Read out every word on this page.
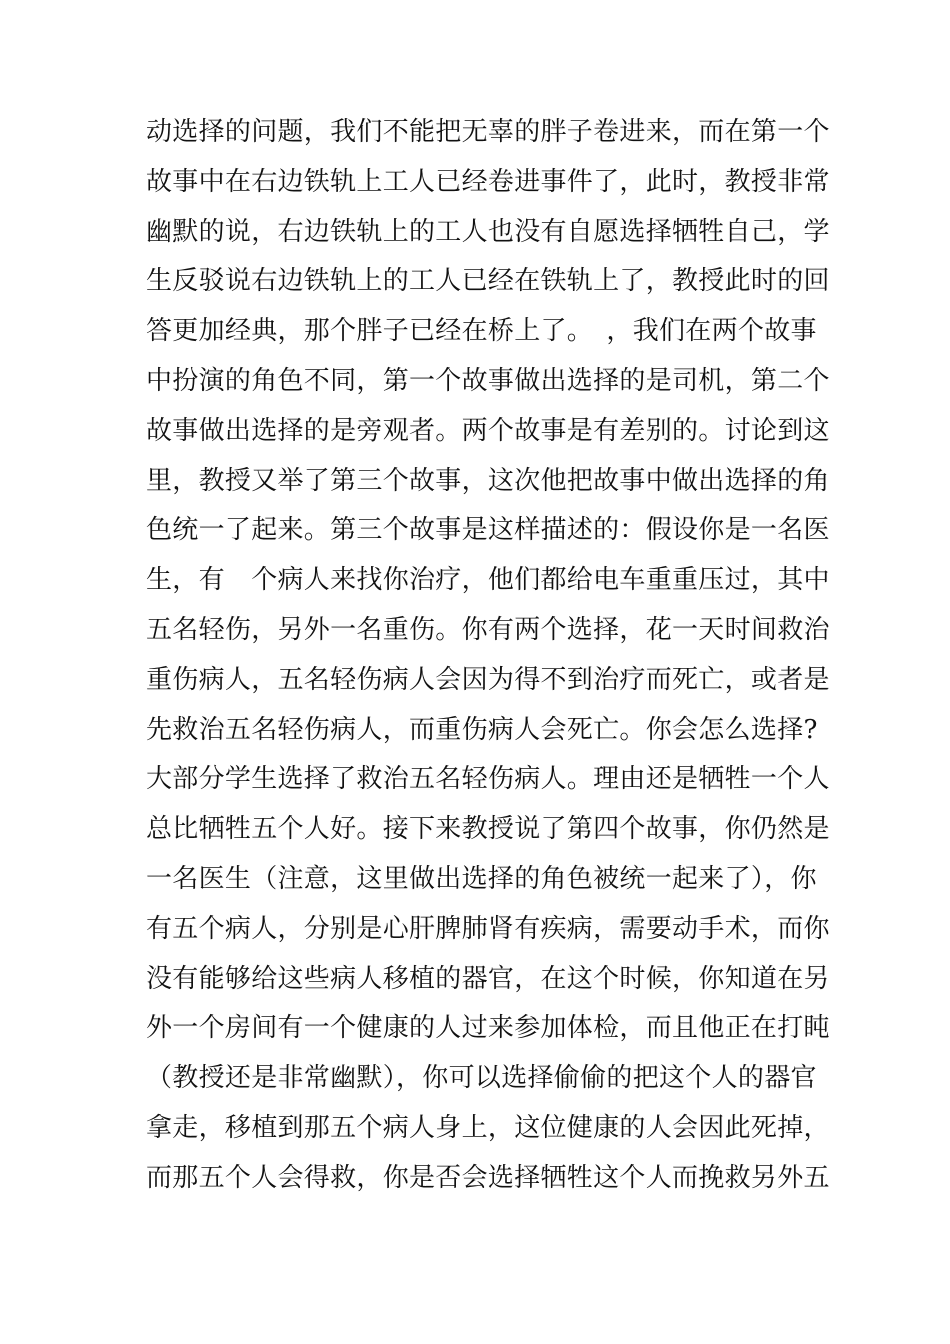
动选择的问题，我们不能把无辜的胖子卷进来，而在第一个
故事中在右边铁轨上工人已经卷进事件了，此时，教授非常
幽默的说，右边铁轨上的工人也没有自愿选择牺牲自己，学
生反驳说右边铁轨上的工人已经在铁轨上了，教授此时的回
答更加经典，那个胖子已经在桥上了。　，我们在两个故事
中扮演的角色不同，第一个故事做出选择的是司机，第二个
故事做出选择的是旁观者。两个故事是有差别的。讨论到这
里，教授又举了第三个故事，这次他把故事中做出选择的角
色统一了起来。第三个故事是这样描述的：假设你是一名医
生，有　个病人来找你治疗，他们都给电车重重压过，其中
五名轻伤，另外一名重伤。你有两个选择，花一天时间救治
重伤病人，五名轻伤病人会因为得不到治疗而死亡，或者是
先救治五名轻伤病人，而重伤病人会死亡。你会怎么选择?
大部分学生选择了救治五名轻伤病人。理由还是牺牲一个人
总比牺牲五个人好。接下来教授说了第四个故事，你仍然是
一名医生（注意，这里做出选择的角色被统一起来了），你
有五个病人，分别是心肝脾肺肾有疾病，需要动手术，而你
没有能够给这些病人移植的器官，在这个时候，你知道在另
外一个房间有一个健康的人过来参加体检，而且他正在打盹
（教授还是非常幽默），你可以选择偷偷的把这个人的器官
拿走，移植到那五个病人身上，这位健康的人会因此死掉，
而那五个人会得救，你是否会选择牺牲这个人而挽救另外五
